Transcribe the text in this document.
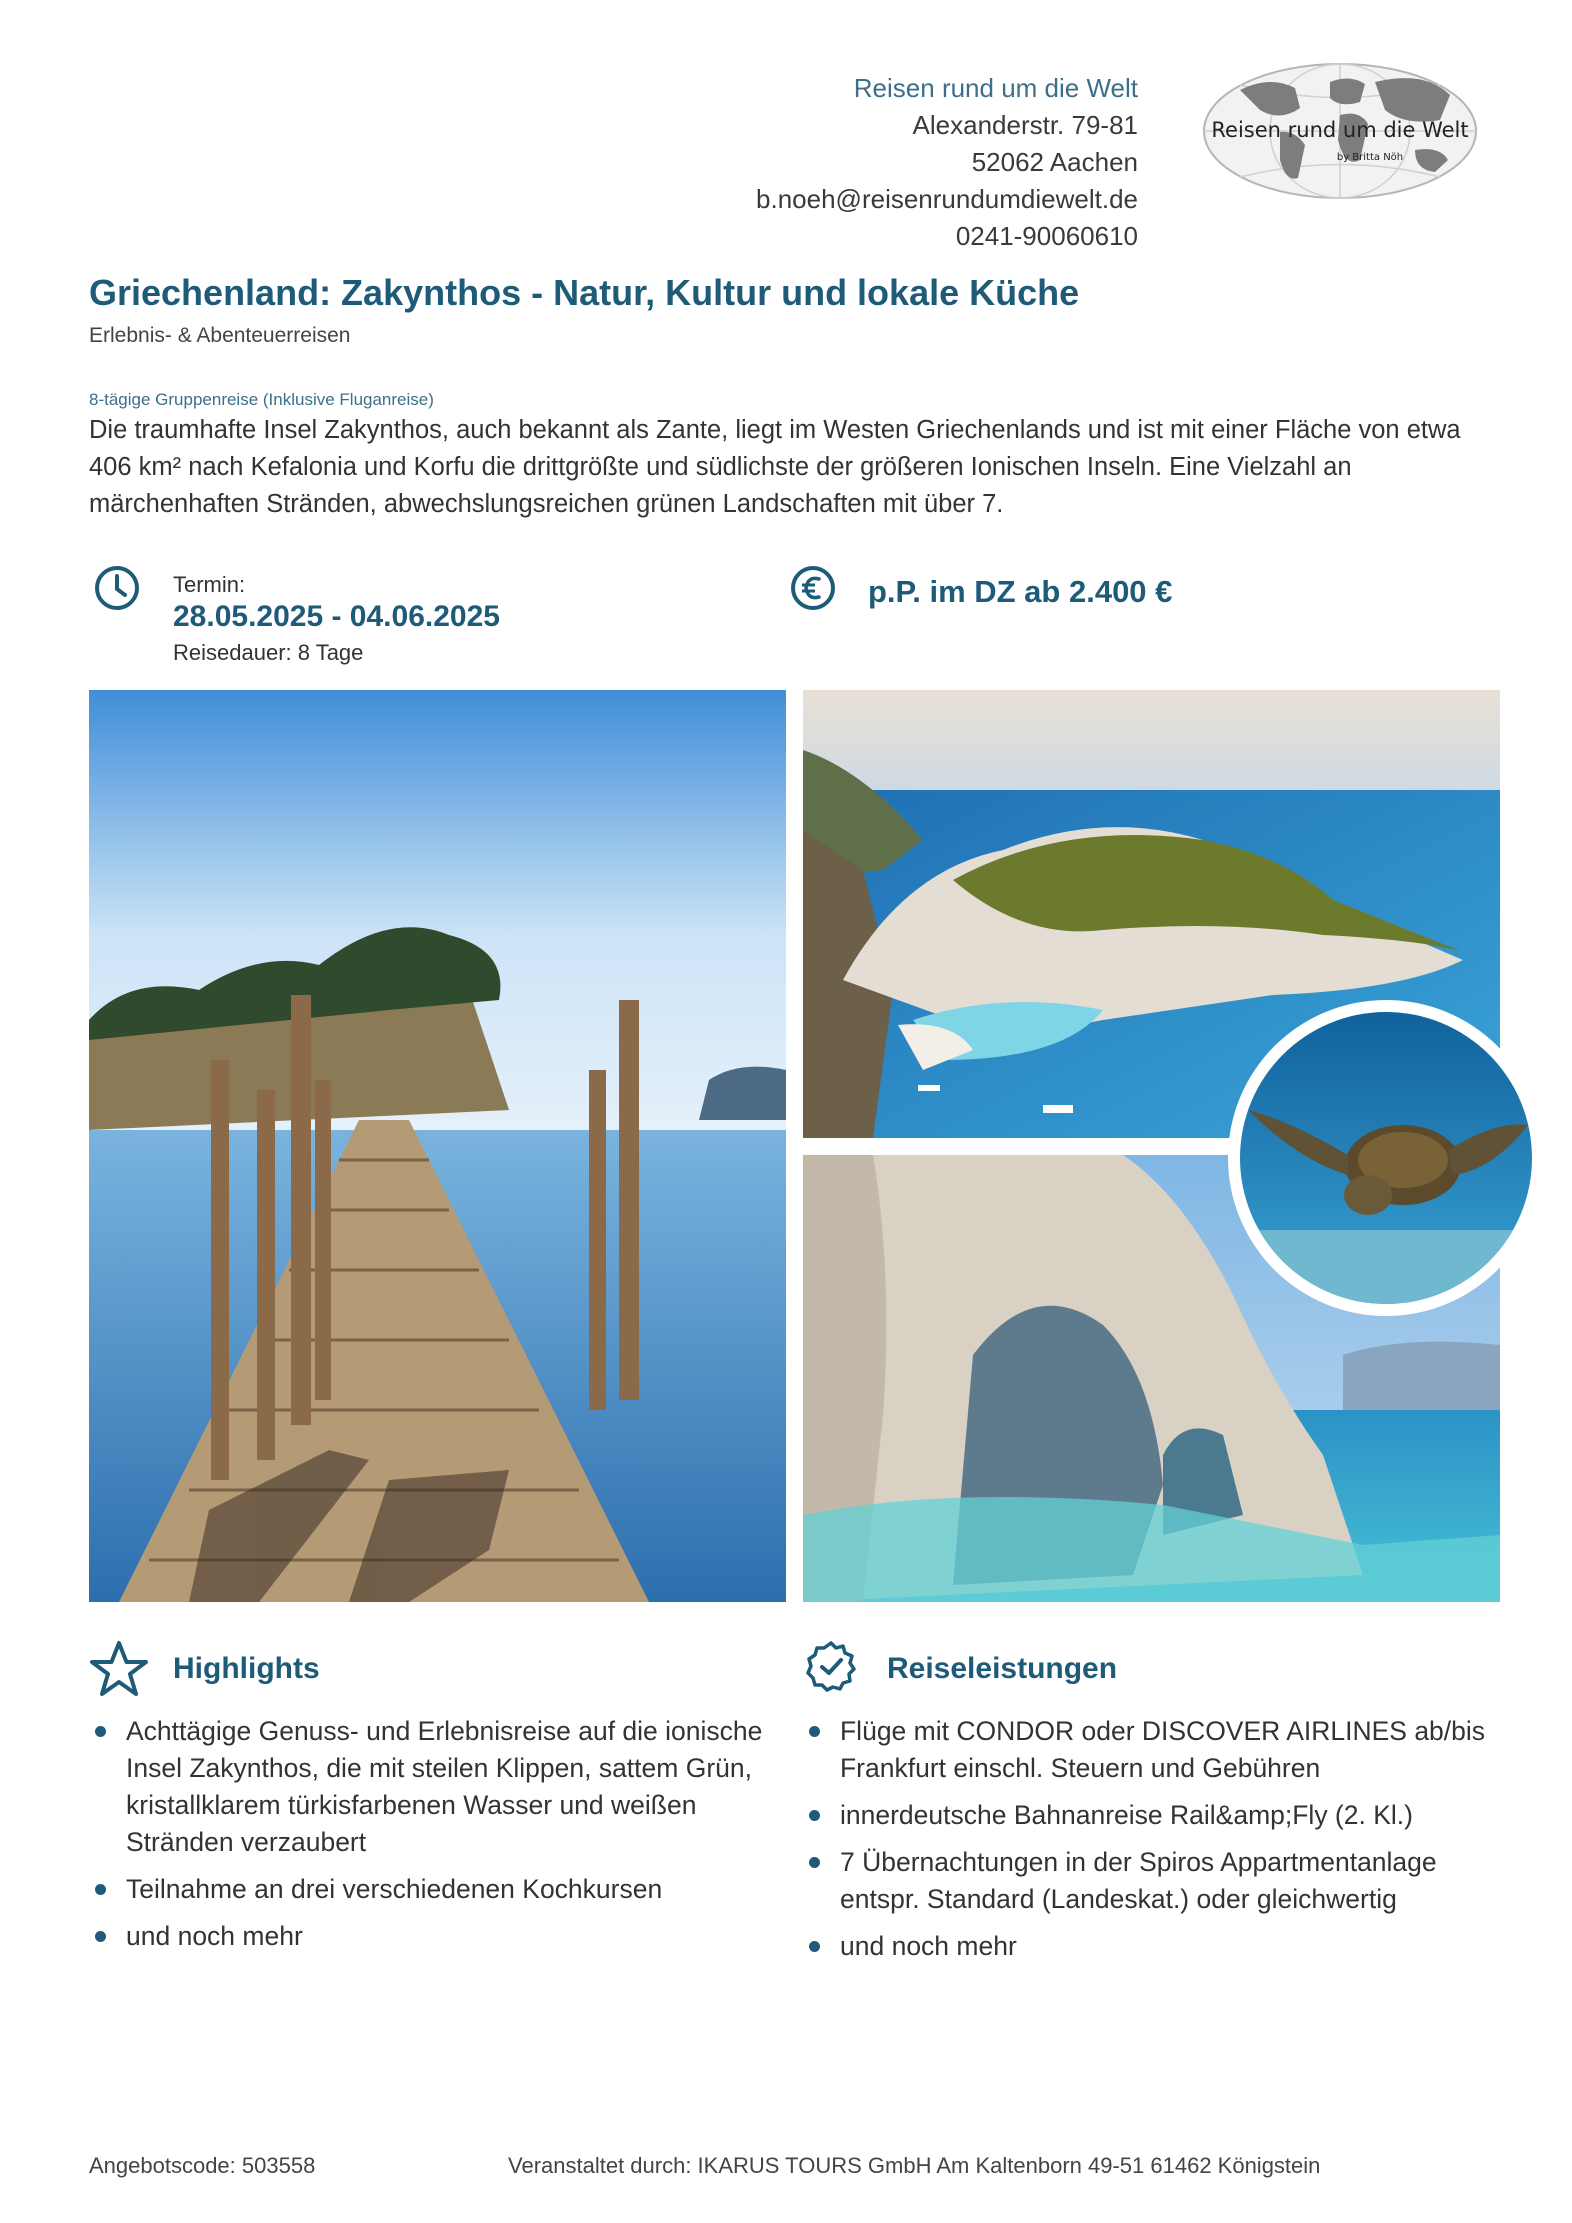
Reisen rund um die Welt
Alexanderstr. 79-81
52062 Aachen
b.noeh@reisenrundumdiewelt.de
0241-90060610
Reisen rund um die Welt
by Britta Nöh
Griechenland: Zakynthos - Natur, Kultur und lokale Küche
Erlebnis- & Abenteuerreisen
8-tägige Gruppenreise (Inklusive Fluganreise)
Die traumhafte Insel Zakynthos, auch bekannt als Zante, liegt im Westen Griechenlands und ist mit einer Fläche von etwa 406 km² nach Kefalonia und Korfu die drittgrößte und südlichste der größeren Ionischen Inseln. Eine Vielzahl an märchenhaften Stränden, abwechslungsreichen grünen Landschaften mit über 7.
Termin:
28.05.2025 - 04.06.2025
Reisedauer: 8 Tage
p.P. im DZ ab 2.400 €
Highlights
Achttägige Genuss- und Erlebnisreise auf die ionische Insel Zakynthos, die mit steilen Klippen, sattem Grün, kristallklarem türkisfarbenen Wasser und weißen Stränden verzaubert
Teilnahme an drei verschiedenen Kochkursen
und noch mehr
Reiseleistungen
Flüge mit CONDOR oder DISCOVER AIRLINES ab/bis Frankfurt einschl. Steuern und Gebühren
innerdeutsche Bahnanreise Rail&amp;Fly (2. Kl.)
7 Übernachtungen in der Spiros Appartmentanlage entspr. Standard (Landeskat.) oder gleichwertig
und noch mehr
Angebotscode: 503558	Veranstaltet durch: IKARUS TOURS GmbH Am Kaltenborn 49-51 61462 Königstein
